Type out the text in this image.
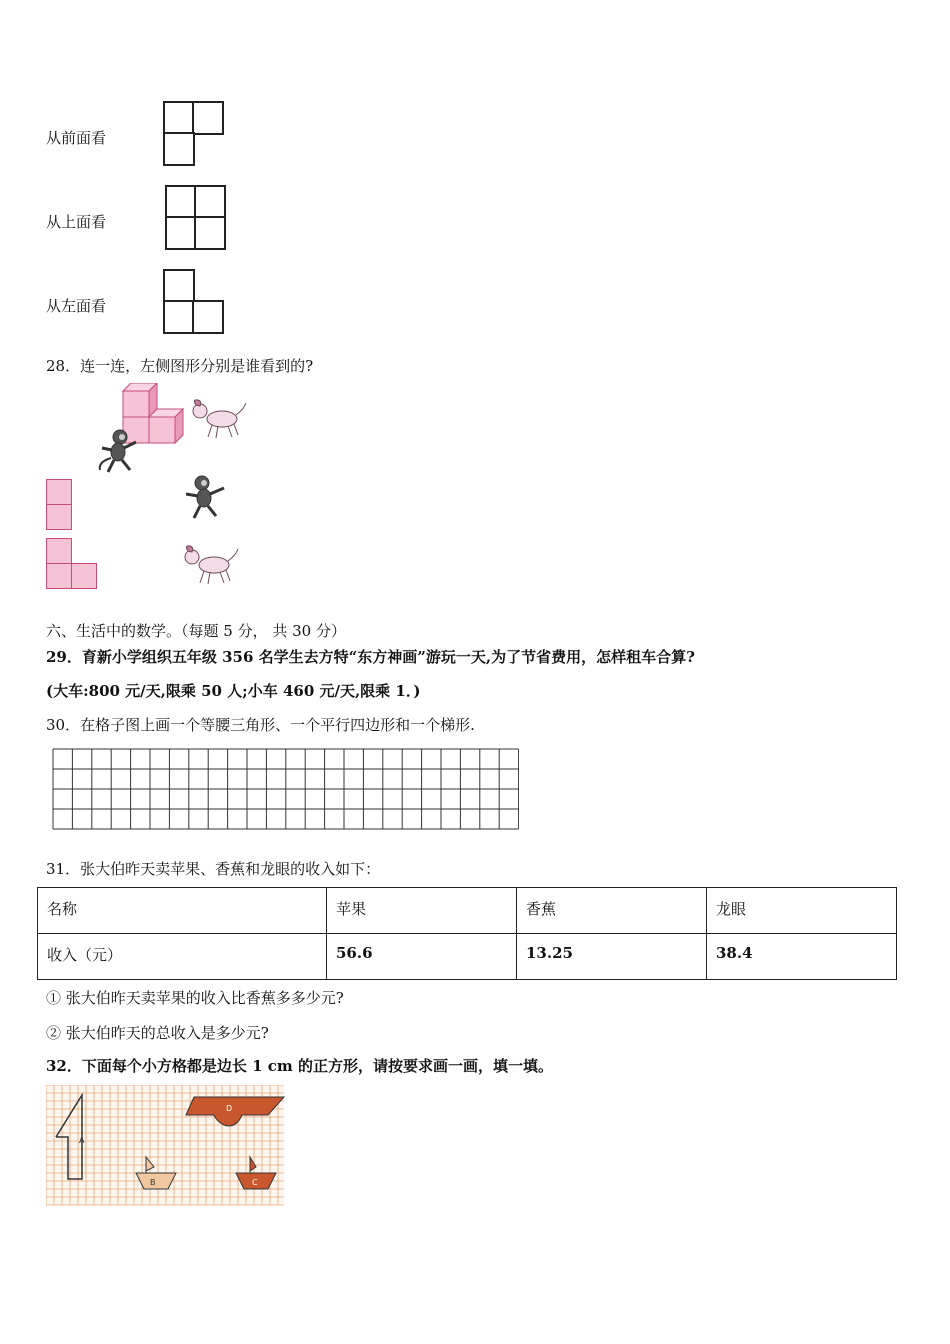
从前面看
从上面看
从左面看
28．连一连，左侧图形分别是谁看到的?
六、生活中的数学。（每题 5 分， 共 30 分）
29．育新小学组织五年级 356 名学生去方特“东方神画”游玩一天,为了节省费用，怎样租车合算?
(大车:800 元/天,限乘 50 人;小车 460 元/天,限乘 1．)
30．在格子图上画一个等腰三角形、一个平行四边形和一个梯形.
31．张大伯昨天卖苹果、香蕉和龙眼的收入如下：
名称	苹果	香蕉	龙眼
收入（元）	56.6	13.25	38.4
① 张大伯昨天卖苹果的收入比香蕉多多少元?
② 张大伯昨天的总收入是多少元?
32．下面每个小方格都是边长 1 cm 的正方形，请按要求画一画，填一填。
A
B	C
D
